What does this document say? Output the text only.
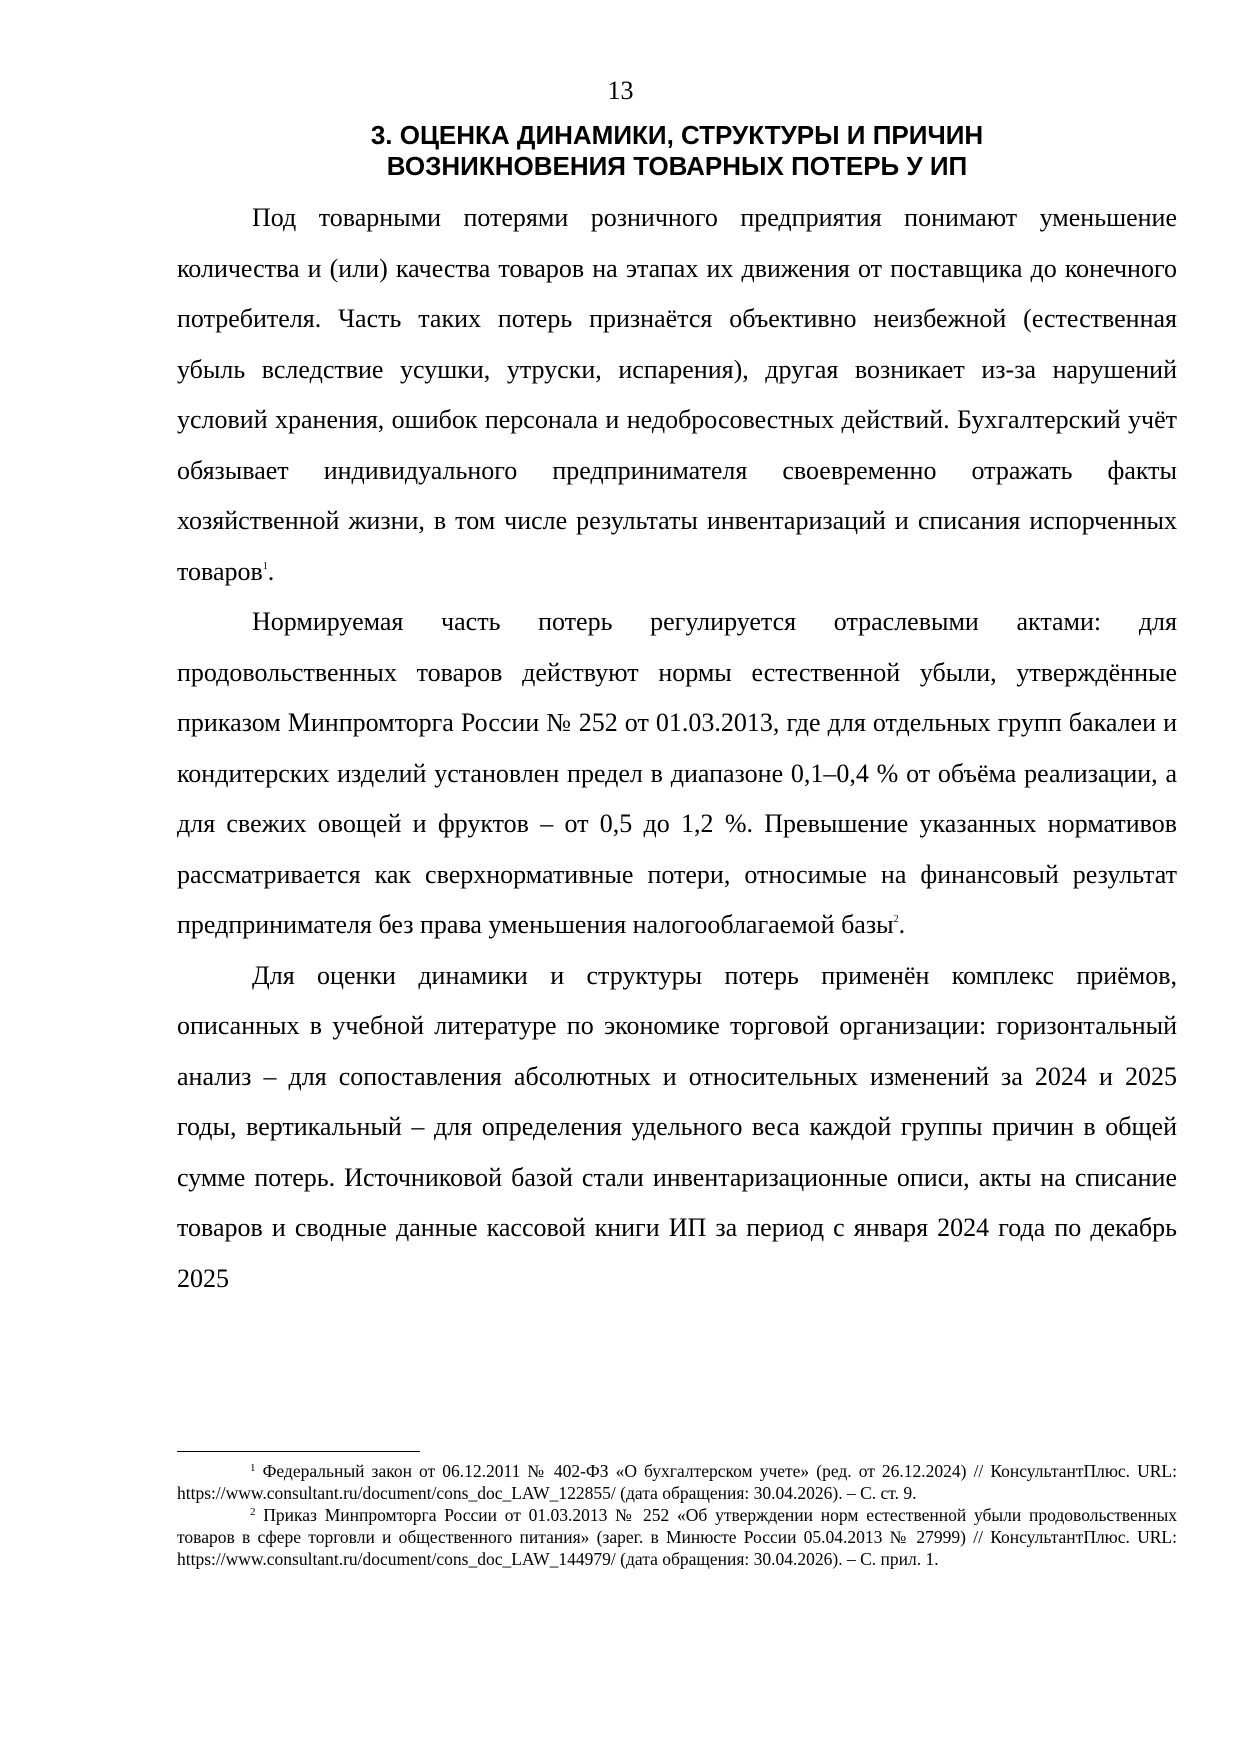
13
3. ОЦЕНКА ДИНАМИКИ, СТРУКТУРЫ И ПРИЧИН
ВОЗНИКНОВЕНИЯ ТОВАРНЫХ ПОТЕРЬ У ИП

Под товарными потерями розничного предприятия понимают уменьшение количества и (или) качества товаров на этапах их движения от поставщика до конечного потребителя. Часть таких потерь признаётся объективно неизбежной (естественная убыль вследствие усушки, утруски, испарения), другая возникает из-за нарушений условий хранения, ошибок персонала и недобросовестных действий. Бухгалтерский учёт обязывает индивидуального предпринимателя своевременно отражать факты хозяйственной жизни, в том числе результаты инвентаризаций и списания испорченных товаров$^1$.

Нормируемая часть потерь регулируется отраслевыми актами: для продовольственных товаров действуют нормы естественной убыли, утверждённые приказом Минпромторга России № 252 от 01.03.2013, где для отдельных групп бакалеи и кондитерских изделий установлен предел в диапазоне 0,1–0,4 % от объёма реализации, а для свежих овощей и фруктов – от 0,5 до 1,2 %. Превышение указанных нормативов рассматривается как сверхнормативные потери, относимые на финансовый результат предпринимателя без права уменьшения налогооблагаемой базы$^2$.

Для оценки динамики и структуры потерь применён комплекс приёмов, описанных в учебной литературе по экономике торговой организации: горизонтальный анализ – для сопоставления абсолютных и относительных изменений за 2024 и 2025 годы, вертикальный – для определения удельного веса каждой группы причин в общей сумме потерь. Источниковой базой стали инвентаризационные описи, акты на списание товаров и сводные данные кассовой книги ИП за период с января 2024 года по декабрь 2025

$^1$ Федеральный закон от 06.12.2011 № 402-ФЗ «О бухгалтерском учете» (ред. от 26.12.2024) // КонсультантПлюс. URL: https://www.consultant.ru/document/cons_doc_LAW_122855/ (дата обращения: 30.04.2026). – С. ст. 9.

$^2$ Приказ Минпромторга России от 01.03.2013 № 252 «Об утверждении норм естественной убыли продовольственных товаров в сфере торговли и общественного питания» (зарег. в Минюсте России 05.04.2013 № 27999) // КонсультантПлюс. URL: https://www.consultant.ru/document/cons_doc_LAW_144979/ (дата обращения: 30.04.2026). – С. прил. 1.
